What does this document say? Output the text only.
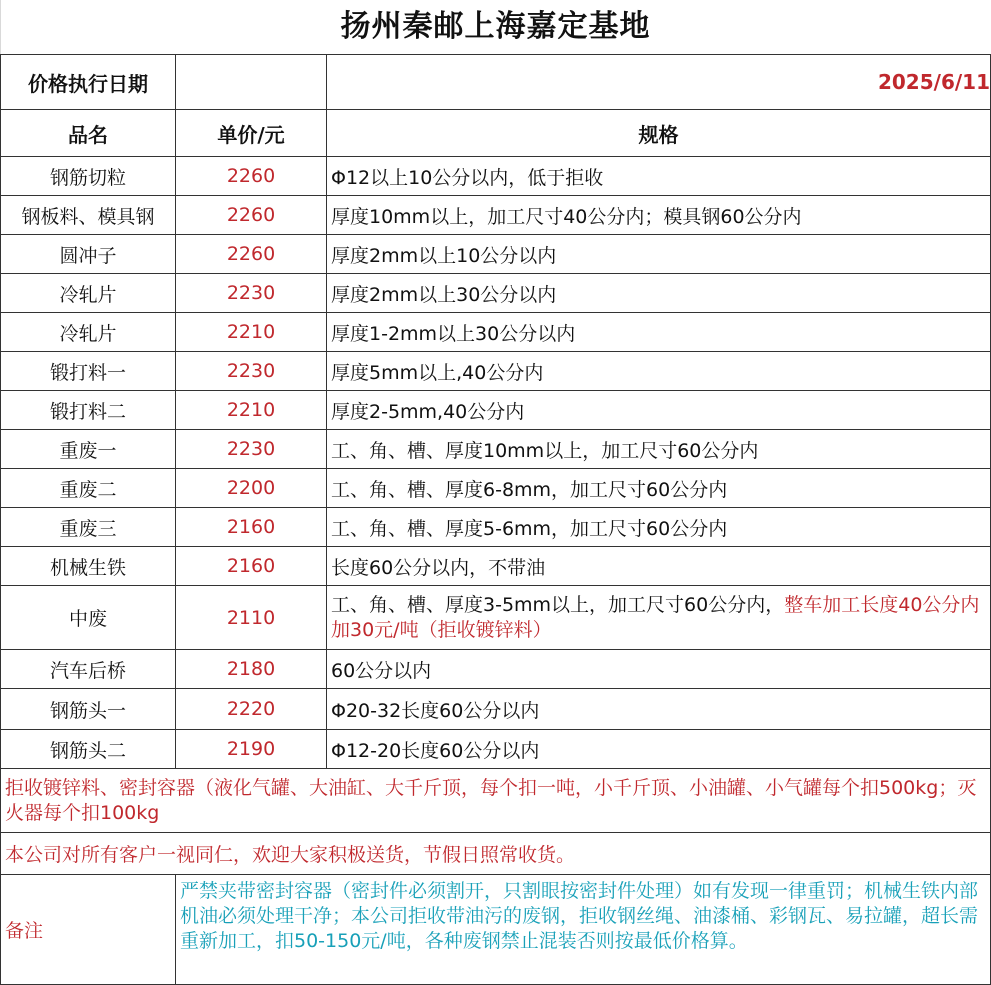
扬州秦邮上海嘉定基地
价格执行日期		2025/6/11
品名	单价/元	规格
钢筋切粒	2260	Φ12以上10公分以内，低于拒收
钢板料、模具钢	2260	厚度10mm以上，加工尺寸40公分内；模具钢60公分内
圆冲子	2260	厚度2mm以上10公分以内
冷轧片	2230	厚度2mm以上30公分以内
冷轧片	2210	厚度1-2mm以上30公分以内
锻打料一	2230	厚度5mm以上,40公分内
锻打料二	2210	厚度2-5mm,40公分内
重废一	2230	工、角、槽、厚度10mm以上，加工尺寸60公分内
重废二	2200	工、角、槽、厚度6-8mm，加工尺寸60公分内
重废三	2160	工、角、槽、厚度5-6mm，加工尺寸60公分内
机械生铁	2160	长度60公分以内，不带油
中废	2110	工、角、槽、厚度3-5mm以上，加工尺寸60公分内，整车加工长度40公分内加30元/吨（拒收镀锌料）
汽车后桥	2180	60公分以内
钢筋头一	2220	Φ20-32长度60公分以内
钢筋头二	2190	Φ12-20长度60公分以内
拒收镀锌料、密封容器（液化气罐、大油缸、大千斤顶，每个扣一吨，小千斤顶、小油罐、小气罐每个扣500kg；灭火器每个扣100kg		
本公司对所有客户一视同仁，欢迎大家积极送货，节假日照常收货。		
备注	严禁夹带密封容器（密封件必须割开，只割眼按密封件处理）如有发现一律重罚；机械生铁内部机油必须处理干净；本公司拒收带油污的废钢，拒收钢丝绳、油漆桶、彩钢瓦、易拉罐，超长需重新加工，扣50-150元/吨，各种废钢禁止混装否则按最低价格算。	
